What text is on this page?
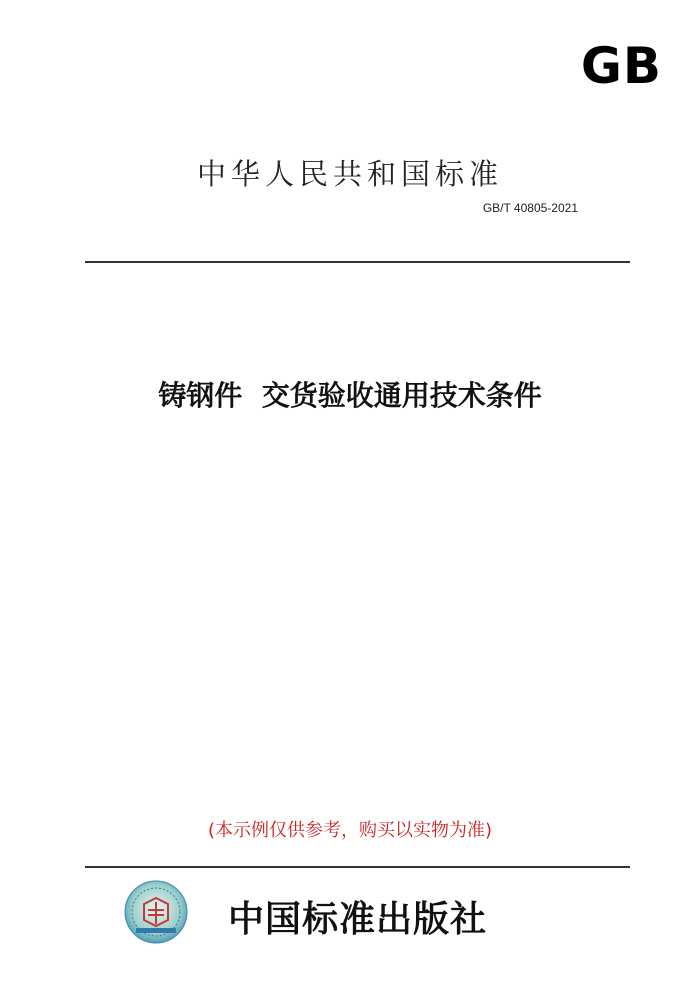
GB
中华人民共和国标准
GB/T 40805-2021
铸钢件  交货验收通用技术条件
(本示例仅供参考，购买以实物为准)
中国标准出版社
